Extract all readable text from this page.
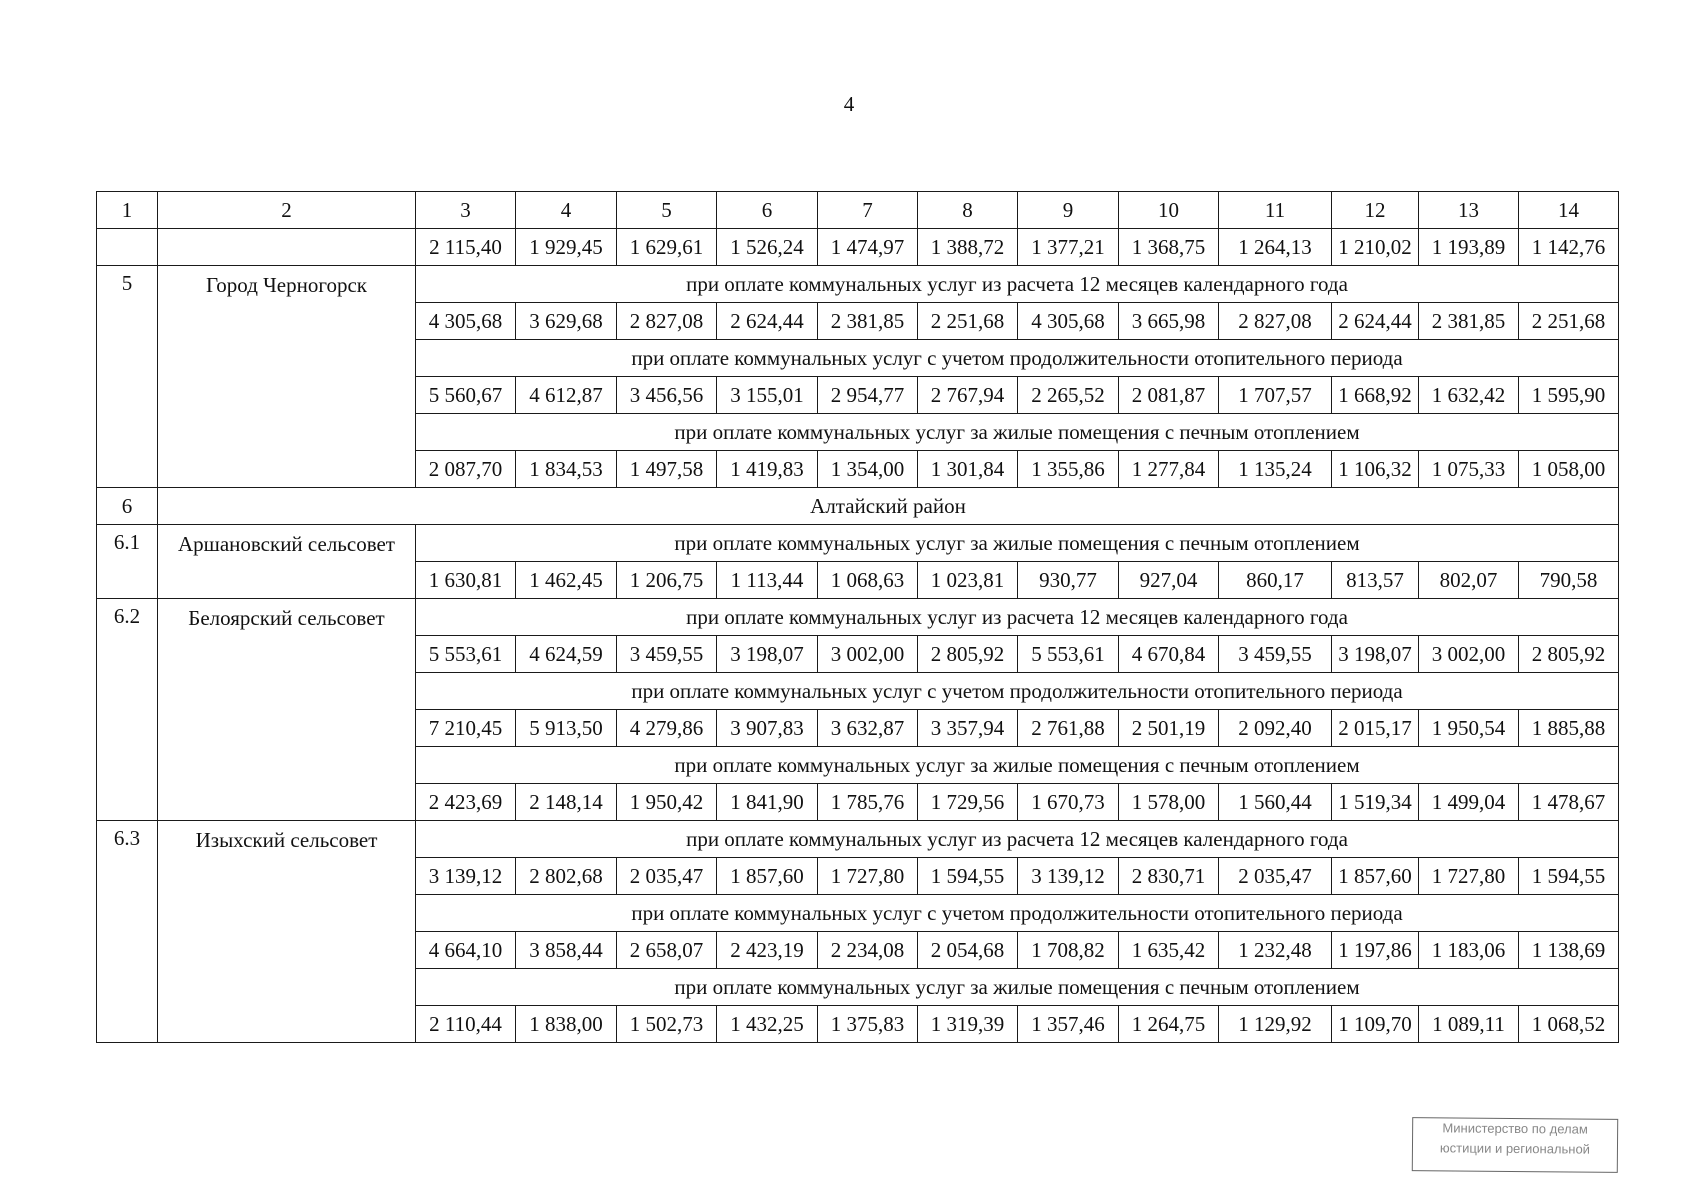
4
1	2	3	4	5	6	7	8	9	10	11	12	13	14
		2 115,40	1 929,45	1 629,61	1 526,24	1 474,97	1 388,72	1 377,21	1 368,75	1 264,13	1 210,02	1 193,89	1 142,76
5	Город Черногорск	при оплате коммунальных услуг из расчета 12 месяцев календарного года											
		4 305,68	3 629,68	2 827,08	2 624,44	2 381,85	2 251,68	4 305,68	3 665,98	2 827,08	2 624,44	2 381,85	2 251,68
		при оплате коммунальных услуг с учетом продолжительности отопительного периода											
		5 560,67	4 612,87	3 456,56	3 155,01	2 954,77	2 767,94	2 265,52	2 081,87	1 707,57	1 668,92	1 632,42	1 595,90
		при оплате коммунальных услуг за жилые помещения с печным отоплением											
		2 087,70	1 834,53	1 497,58	1 419,83	1 354,00	1 301,84	1 355,86	1 277,84	1 135,24	1 106,32	1 075,33	1 058,00
6	Алтайский район												
6.1	Аршановский сельсовет	при оплате коммунальных услуг за жилые помещения с печным отоплением											
		1 630,81	1 462,45	1 206,75	1 113,44	1 068,63	1 023,81	930,77	927,04	860,17	813,57	802,07	790,58
6.2	Белоярский сельсовет	при оплате коммунальных услуг из расчета 12 месяцев календарного года											
		5 553,61	4 624,59	3 459,55	3 198,07	3 002,00	2 805,92	5 553,61	4 670,84	3 459,55	3 198,07	3 002,00	2 805,92
		при оплате коммунальных услуг с учетом продолжительности отопительного периода											
		7 210,45	5 913,50	4 279,86	3 907,83	3 632,87	3 357,94	2 761,88	2 501,19	2 092,40	2 015,17	1 950,54	1 885,88
		при оплате коммунальных услуг за жилые помещения с печным отоплением											
		2 423,69	2 148,14	1 950,42	1 841,90	1 785,76	1 729,56	1 670,73	1 578,00	1 560,44	1 519,34	1 499,04	1 478,67
6.3	Изыхский сельсовет	при оплате коммунальных услуг из расчета 12 месяцев календарного года											
		3 139,12	2 802,68	2 035,47	1 857,60	1 727,80	1 594,55	3 139,12	2 830,71	2 035,47	1 857,60	1 727,80	1 594,55
		при оплате коммунальных услуг с учетом продолжительности отопительного периода											
		4 664,10	3 858,44	2 658,07	2 423,19	2 234,08	2 054,68	1 708,82	1 635,42	1 232,48	1 197,86	1 183,06	1 138,69
		при оплате коммунальных услуг за жилые помещения с печным отоплением											
		2 110,44	1 838,00	1 502,73	1 432,25	1 375,83	1 319,39	1 357,46	1 264,75	1 129,92	1 109,70	1 089,11	1 068,52
Министерство по делам
юстиции и региональной
